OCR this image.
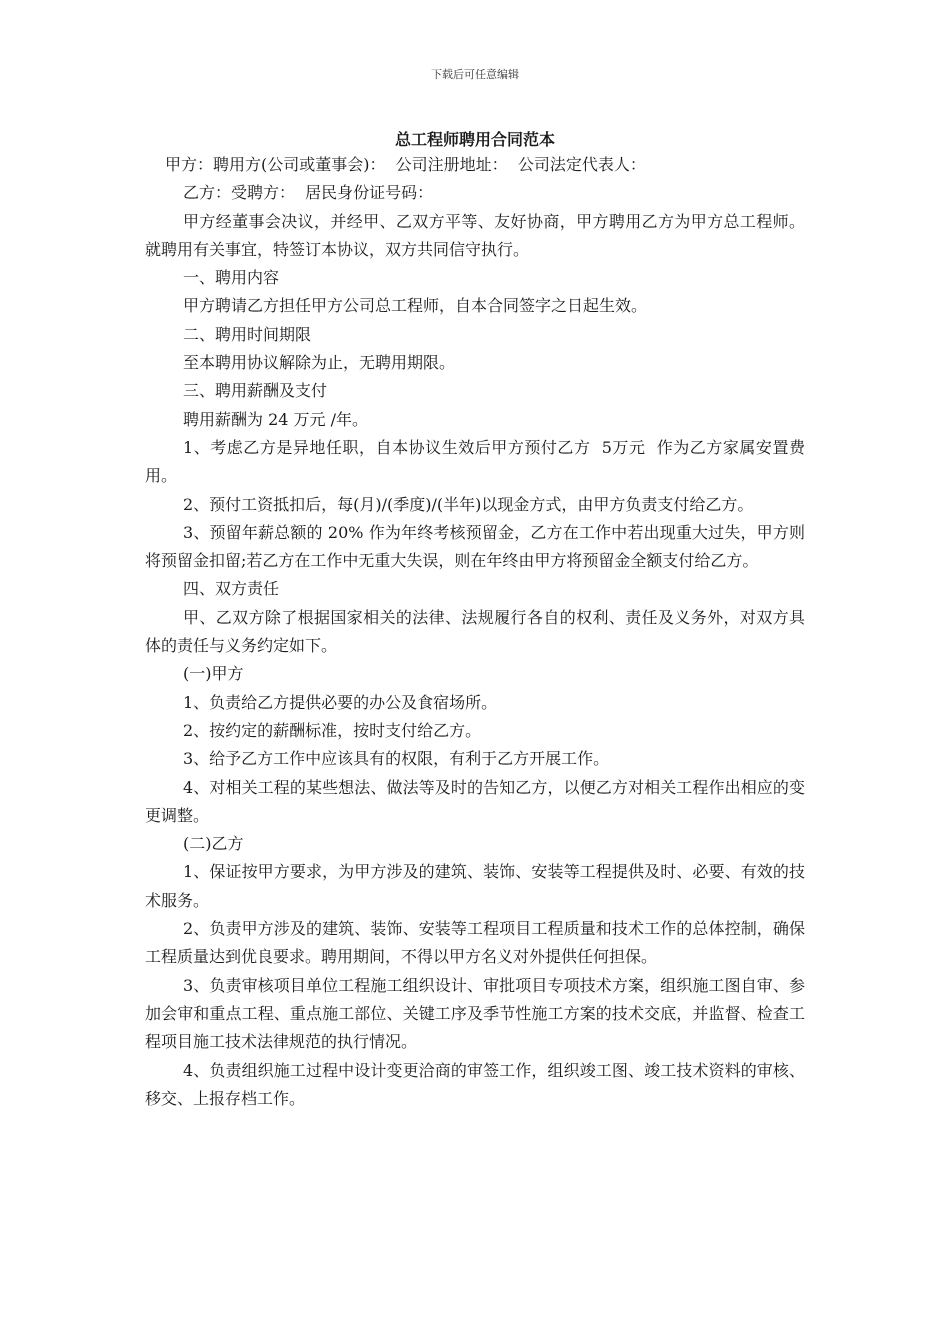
下载后可任意编辑
总工程师聘用合同范本

甲方：聘用方(公司或董事会)：  公司注册地址：  公司法定代表人：

乙方：受聘方：  居民身份证号码：

甲方经董事会决议，并经甲、乙双方平等、友好协商，甲方聘用乙方为甲方总工程师。就聘用有关事宜，特签订本协议，双方共同信守执行。

一、聘用内容

甲方聘请乙方担任甲方公司总工程师，自本合同签字之日起生效。

二、聘用时间期限

至本聘用协议解除为止，无聘用期限。

三、聘用薪酬及支付

聘用薪酬为 24 万元 /年。

1、考虑乙方是异地任职，自本协议生效后甲方预付乙方  5万元  作为乙方家属安置费用。

2、预付工资抵扣后，每(月)/(季度)/(半年)以现金方式，由甲方负责支付给乙方。

3、预留年薪总额的 20% 作为年终考核预留金，乙方在工作中若出现重大过失，甲方则将预留金扣留;若乙方在工作中无重大失误，则在年终由甲方将预留金全额支付给乙方。

四、双方责任

甲、乙双方除了根据国家相关的法律、法规履行各自的权利、责任及义务外，对双方具体的责任与义务约定如下。

(一)甲方

1、负责给乙方提供必要的办公及食宿场所。

2、按约定的薪酬标准，按时支付给乙方。

3、给予乙方工作中应该具有的权限，有利于乙方开展工作。

4、对相关工程的某些想法、做法等及时的告知乙方，以便乙方对相关工程作出相应的变更调整。

(二)乙方

1、保证按甲方要求，为甲方涉及的建筑、装饰、安装等工程提供及时、必要、有效的技术服务。

2、负责甲方涉及的建筑、装饰、安装等工程项目工程质量和技术工作的总体控制，确保工程质量达到优良要求。聘用期间，不得以甲方名义对外提供任何担保。

3、负责审核项目单位工程施工组织设计、审批项目专项技术方案，组织施工图自审、参加会审和重点工程、重点施工部位、关键工序及季节性施工方案的技术交底，并监督、检查工程项目施工技术法律规范的执行情况。

4、负责组织施工过程中设计变更洽商的审签工作，组织竣工图、竣工技术资料的审核、移交、上报存档工作。
